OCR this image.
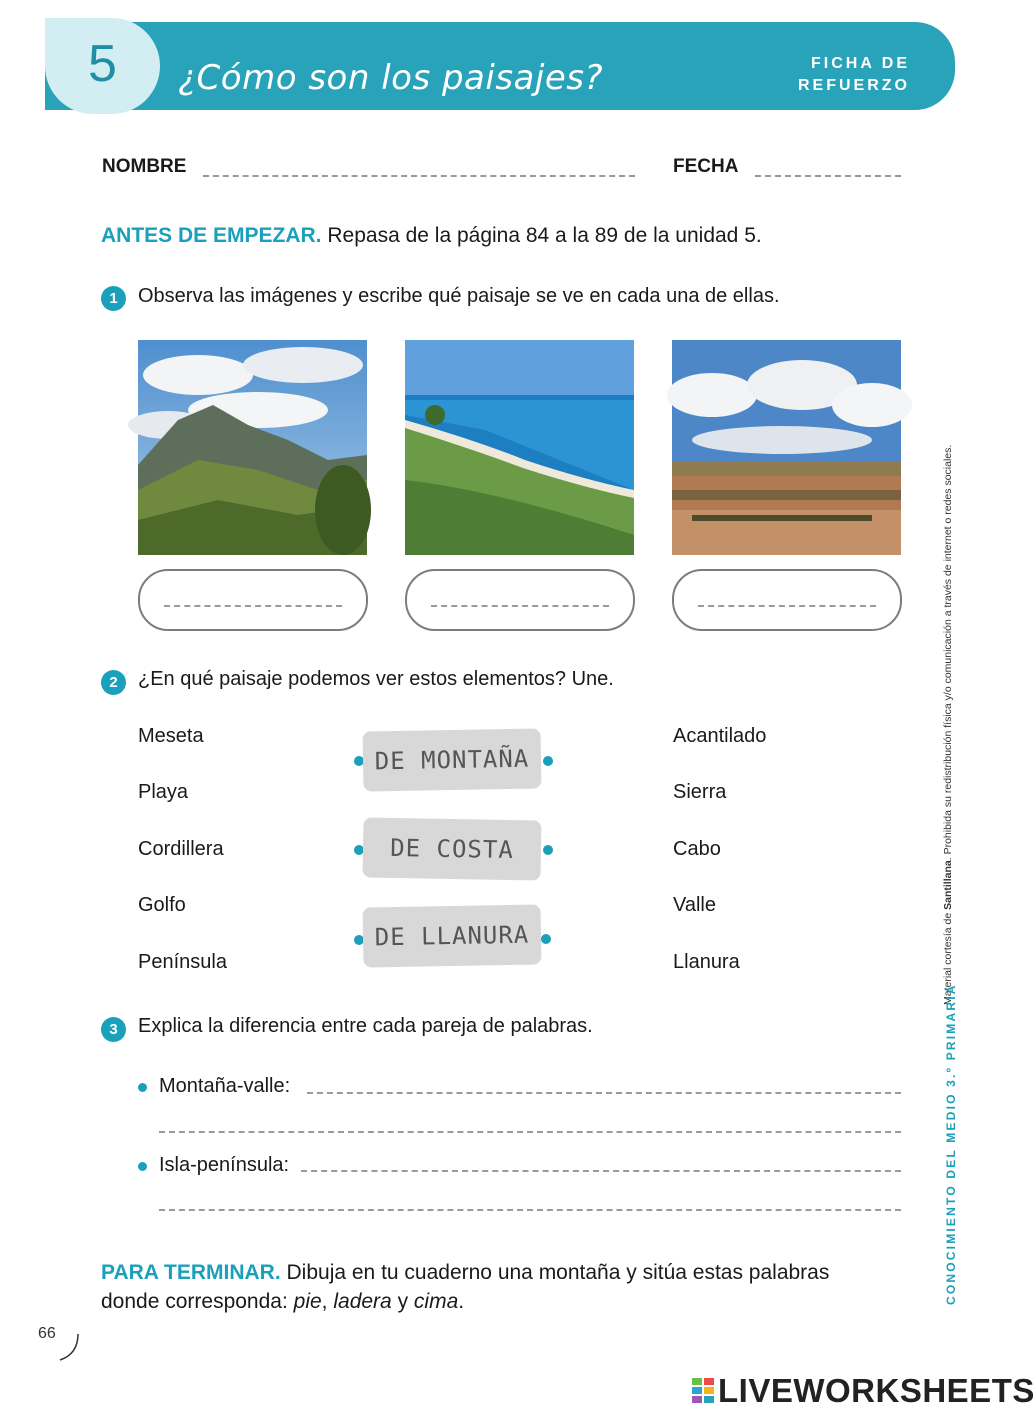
5	¿Cómo son los paisajes?	FICHA DE
REFUERZO
NOMBRE	FECHA
ANTES DE EMPEZAR. Repasa de la página 84 a la 89 de la unidad 5.
1	Observa las imágenes y escribe qué paisaje se ve en cada una de ellas.
2	¿En qué paisaje podemos ver estos elementos? Une.
Meseta
Playa
Cordillera
Golfo
Península
DE MONTAÑA
DE COSTA
DE LLANURA
Acantilado
Sierra
Cabo
Valle
Llanura
3	Explica la diferencia entre cada pareja de palabras.
Montaña-valle:
Isla-península:
PARA TERMINAR. Dibuja en tu cuaderno una montaña y sitúa estas palabras
donde corresponda: pie, ladera y cima.
Material cortesía de Santillana. Prohibida su redistribución física y/o comunicación a través de internet o redes sociales.
CONOCIMIENTO DEL MEDIO 3.º PRIMARIA
66
LIVEWORKSHEETS
